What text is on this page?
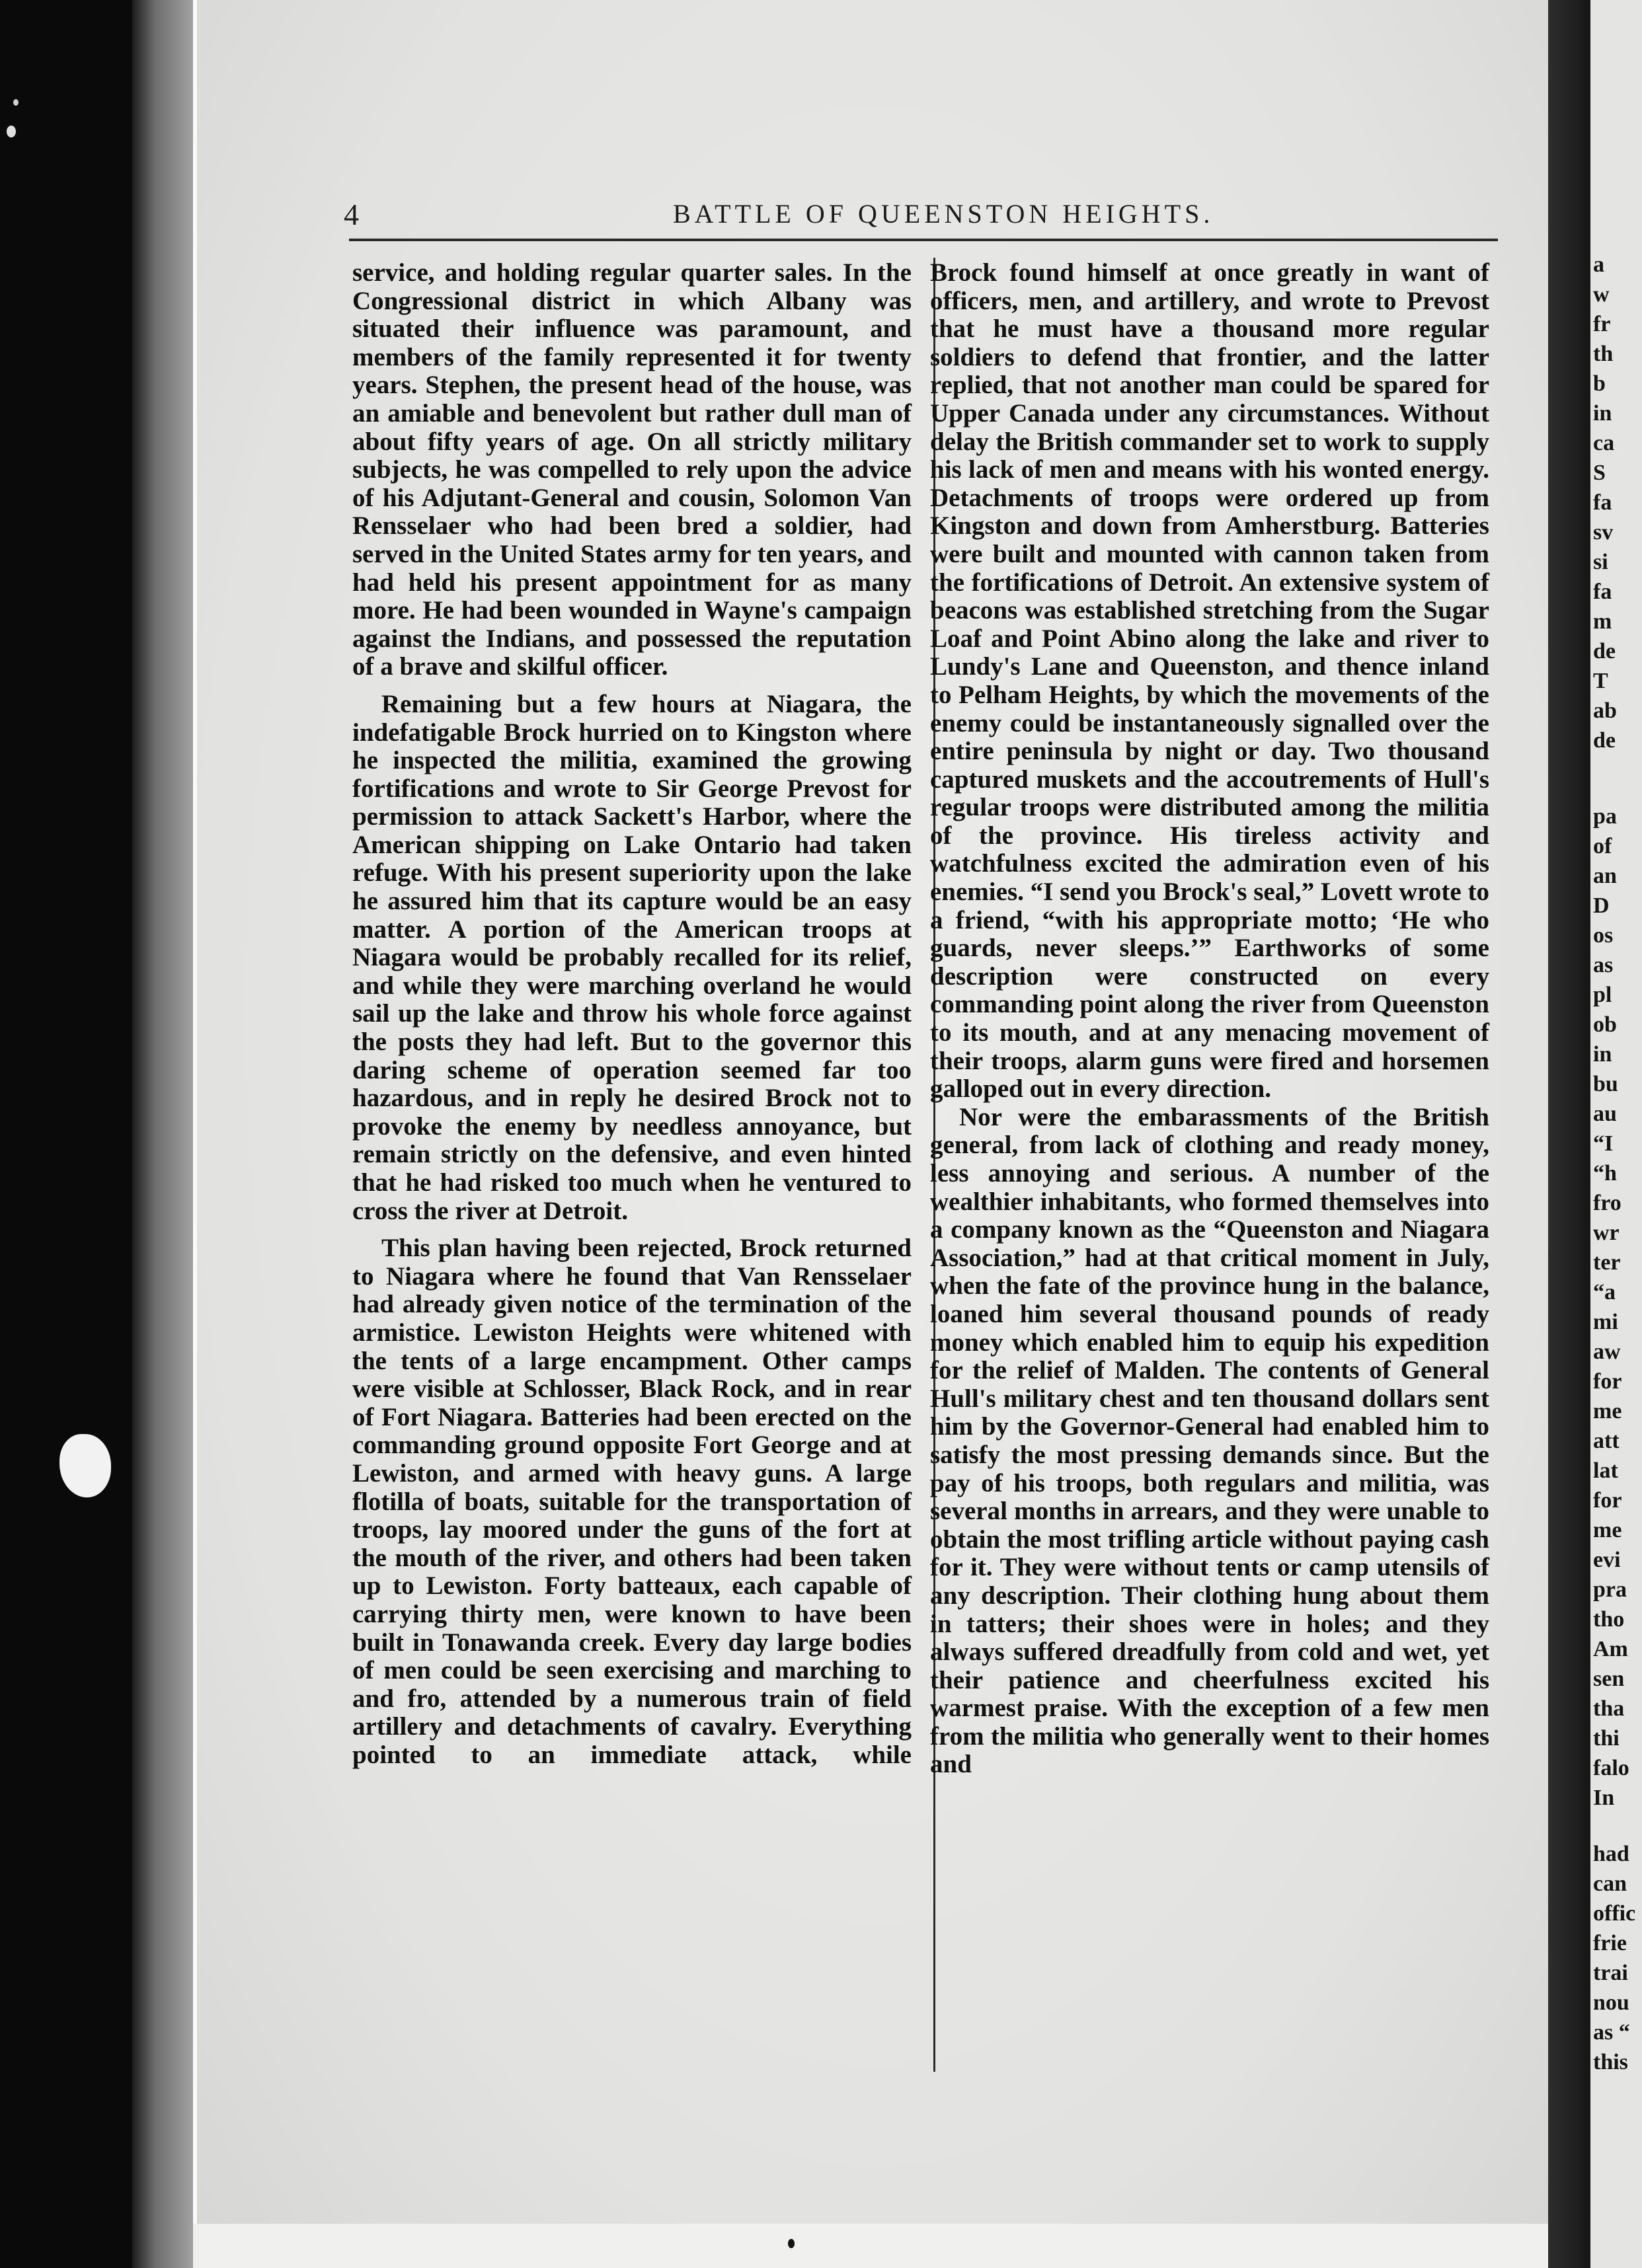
4	BATTLE OF QUEENSTON HEIGHTS.

service, and holding regular quarter sales. In the Congressional district in which Albany was situated their influence was paramount, and members of the family represented it for twenty years. Stephen, the present head of the house, was an amiable and benevolent but rather dull man of about fifty years of age. On all strictly military subjects, he was compelled to rely upon the advice of his Adjutant-General and cousin, Solomon Van Rensselaer who had been bred a soldier, had served in the United States army for ten years, and had held his present appointment for as many more. He had been wounded in Wayne's campaign against the Indians, and possessed the reputation of a brave and skilful officer.

Remaining but a few hours at Niagara, the indefatigable Brock hurried on to Kingston where he inspected the militia, examined the growing fortifications and wrote to Sir George Prevost for permission to attack Sackett's Harbor, where the American shipping on Lake Ontario had taken refuge. With his present superiority upon the lake he assured him that its capture would be an easy matter. A portion of the American troops at Niagara would be probably recalled for its relief, and while they were marching overland he would sail up the lake and throw his whole force against the posts they had left. But to the governor this daring scheme of operation seemed far too hazardous, and in reply he desired Brock not to provoke the enemy by needless annoyance, but remain strictly on the defensive, and even hinted that he had risked too much when he ventured to cross the river at Detroit.

This plan having been rejected, Brock returned to Niagara where he found that Van Rensselaer had already given notice of the termination of the armistice. Lewiston Heights were whitened with the tents of a large encampment. Other camps were visible at Schlosser, Black Rock, and in rear of Fort Niagara. Batteries had been erected on the commanding ground opposite Fort George and at Lewiston, and armed with heavy guns. A large flotilla of boats, suitable for the transportation of troops, lay moored under the guns of the fort at the mouth of the river, and others had been taken up to Lewiston. Forty batteaux, each capable of carrying thirty men, were known to have been built in Tonawanda creek. Every day large bodies of men could be seen exercising and marching to and fro, attended by a numerous train of field artillery and detachments of cavalry. Everything pointed to an immediate attack, while

Brock found himself at once greatly in want of officers, men, and artillery, and wrote to Prevost that he must have a thousand more regular soldiers to defend that frontier, and the latter replied, that not another man could be spared for Upper Canada under any circumstances. Without delay the British commander set to work to supply his lack of men and means with his wonted energy. Detachments of troops were ordered up from Kingston and down from Amherstburg. Batteries were built and mounted with cannon taken from the fortifications of Detroit. An extensive system of beacons was established stretching from the Sugar Loaf and Point Abino along the lake and river to Lundy's Lane and Queenston, and thence inland to Pelham Heights, by which the movements of the enemy could be instantaneously signalled over the entire peninsula by night or day. Two thousand captured muskets and the accoutrements of Hull's regular troops were distributed among the militia of the province. His tireless activity and watchfulness excited the admiration even of his enemies. “I send you Brock's seal,” Lovett wrote to a friend, “with his appropriate motto; ‘He who guards, never sleeps.’” Earthworks of some description were constructed on every commanding point along the river from Queenston to its mouth, and at any menacing movement of their troops, alarm guns were fired and horsemen galloped out in every direction.

Nor were the embarassments of the British general, from lack of clothing and ready money, less annoying and serious. A number of the wealthier inhabitants, who formed themselves into a company known as the “Queenston and Niagara Association,” had at that critical moment in July, when the fate of the province hung in the balance, loaned him several thousand pounds of ready money which enabled him to equip his expedition for the relief of Malden. The contents of General Hull's military chest and ten thousand dollars sent him by the Governor-General had enabled him to satisfy the most pressing demands since. But the pay of his troops, both regulars and militia, was several months in arrears, and they were unable to obtain the most trifling article without paying cash for it. They were without tents or camp utensils of any description. Their clothing hung about them in tatters; their shoes were in holes; and they always suffered dreadfully from cold and wet, yet their patience and cheerfulness excited his warmest praise. With the exception of a few men from the militia who generally went to their homes and

a
w
fr
th
b
in
ca
S
fa
sv
si
fa
m
de
T
ab
de
pa
of
an
D
os
as
pl
ob
in
bu
au
“I
“h
fro
wr
ter
“a
mi
aw
for
me
att
lat
for
me
evi
pra
tho
Am
sen
tha
thi
falo
In
had
can
offic
frie
trai
nou
as “
this
